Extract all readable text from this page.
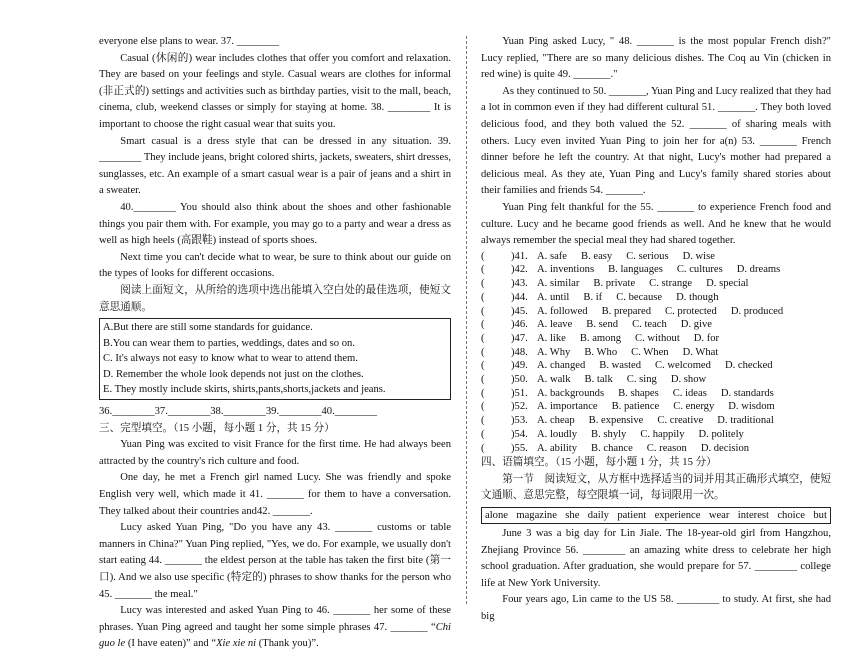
everyone else plans to wear. 37. ________

Casual (休闲的) wear includes clothes that offer you comfort and relaxation. They are based on your feelings and style. Casual wears are clothes for informal (非正式的) settings and activities such as birthday parties, visit to the mall, beach, cinema, club, weekend classes or simply for staying at home. 38. ________ It is important to choose the right casual wear that suits you.

Smart casual is a dress style that can be dressed in any situation. 39. ________ They include jeans, bright colored shirts, jackets, sweaters, shirt dresses, sunglasses, etc. An example of a smart casual wear is a pair of jeans and a shirt in a sweater.

40.________ You should also think about the shoes and other fashionable things you pair them with. For example, you may go to a party and wear a dress as well as high heels (高跟鞋) instead of sports shoes.

Next time you can't decide what to wear, be sure to think about our guide on the types of looks for different occasions.

阅读上面短文，从所给的选项中选出能填入空白处的最佳选项，使短文意思通顺。

A.But there are still some standards for guidance.
B.You can wear them to parties, weddings, dates and so on.
C. It's always not easy to know what to wear to attend them.
D. Remember the whole look depends not just on the clothes.
E. They mostly include skirts, shirts,pants,shorts,jackets and jeans.

36.________37.________38.________39.________40.________

三、完型填空。（15 小题，每小题 1 分，共 15 分）

Yuan Ping was excited to visit France for the first time. He had always been attracted by the country's rich culture and food.

One day, he met a French girl named Lucy. She was friendly and spoke English very well, which made it 41. _______ for them to have a conversation. They talked about their countries and42. _______.

Lucy asked Yuan Ping, "Do you have any 43. _______ customs or table manners in China?" Yuan Ping replied, "Yes, we do. For example, we usually don't start eating 44. _______ the eldest person at the table has taken the first bite (第一口). And we also use specific (特定的) phrases to show thanks for the person who 45. _______ the meal."

Lucy was interested and asked Yuan Ping to 46. _______ her some of these phrases. Yuan Ping agreed and taught her some simple phrases 47. _______ “Chi guo le (I have eaten)” and “Xie xie ni (Thank you)”.

Yuan Ping asked Lucy, " 48. _______ is the most popular French dish?" Lucy replied, "There are so many delicious dishes. The Coq au Vin (chicken in red wine) is quite 49. _______."

As they continued to 50. _______, Yuan Ping and Lucy realized that they had a lot in common even if they had different cultural 51. _______. They both loved delicious food, and they both valued the 52. _______ of sharing meals with others. Lucy even invited Yuan Ping to join her for a(n) 53. _______ French dinner before he left the country. At that night, Lucy's mother had prepared a delicious meal. As they ate, Yuan Ping and Lucy's family shared stories about their families and friends 54. _______.

Yuan Ping felt thankful for the 55. _______ to experience French food and culture. Lucy and he became good friends as well. And he knew that he would always remember the special meal they had shared together.

(	)41. A. safe B. easy C. serious D. wise
(	)42. A. inventions B. languages C. cultures D. dreams
(	)43. A. similar B. private C. strange D. special
(	)44. A. until B. if C. because D. though
(	)45. A. followed B. prepared C. protected D. produced
(	)46. A. leave B. send C. teach D. give
(	)47. A. like B. among C. without D. for
(	)48. A. Why B. Who C. When D. What
(	)49. A. changed B. wasted C. welcomed D. checked
(	)50. A. walk B. talk C. sing D. show
(	)51. A. backgrounds B. shapes C. ideas D. standards
(	)52. A. importance B. patience C. energy D. wisdom
(	)53. A. cheap B. expensive C. creative D. traditional
(	)54. A. loudly B. shyly C. happily D. politely
(	)55. A. ability B. chance C. reason D. decision

四、语篇填空。（15 小题，每小题 1 分，共 15 分）

第一节　阅读短文，从方框中选择适当的词并用其正确形式填空，使短文通顺、意思完整，每空限填一词，每词限用一次。

alone magazine she daily patient experience wear interest choice but

June 3 was a big day for Lin Jiale. The 18-year-old girl from Hangzhou, Zhejiang Province 56. ________ an amazing white dress to celebrate her high school graduation. After graduation, she would prepare for 57. ________ college life at New York University.

Four years ago, Lin came to the US 58. ________ to study. At first, she had big
